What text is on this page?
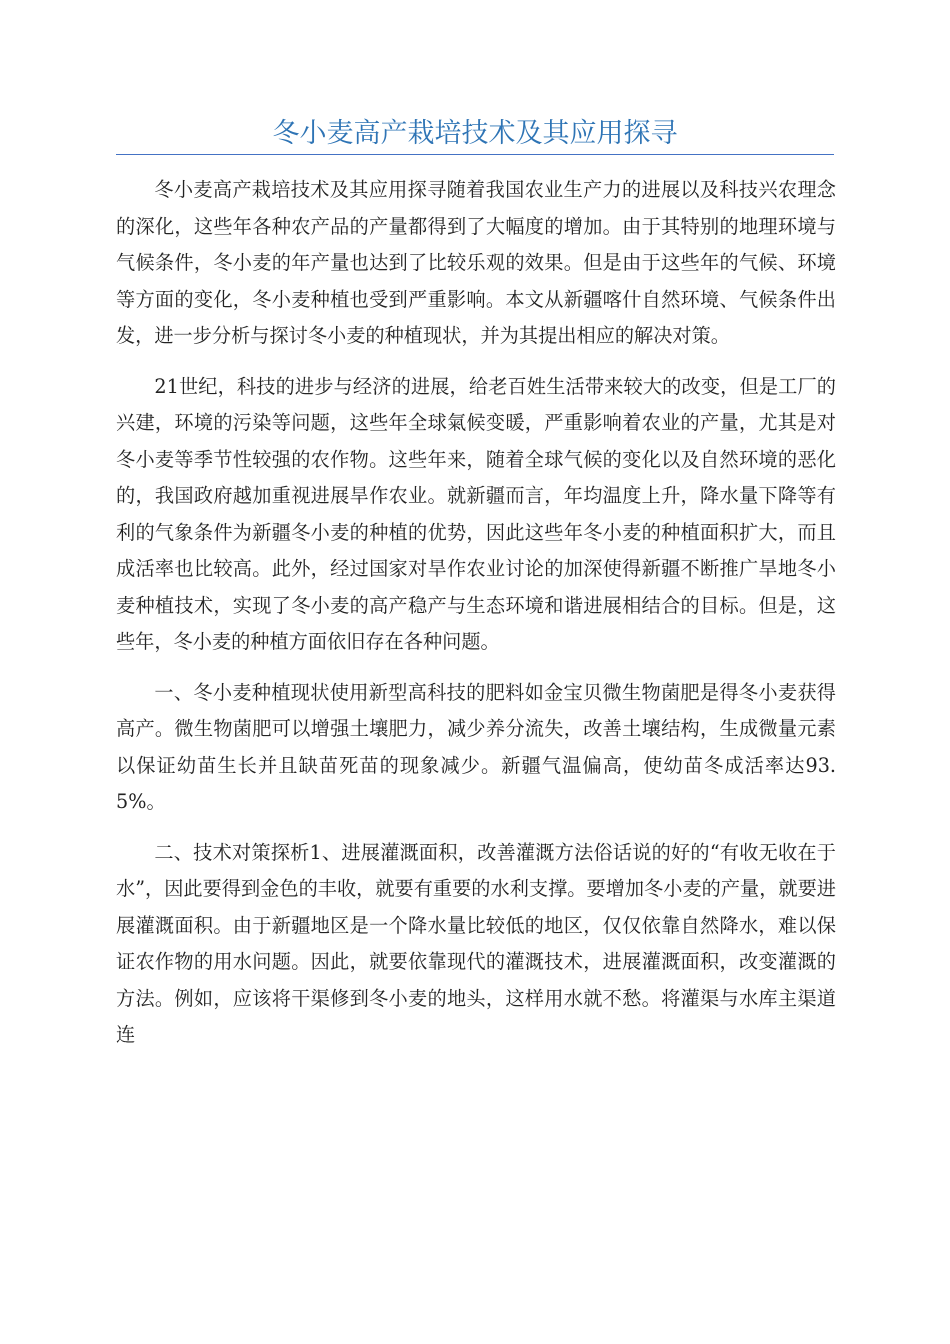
冬小麦高产栽培技术及其应用探寻

冬小麦高产栽培技术及其应用探寻随着我国农业生产力的进展以及科技兴农理念的深化，这些年各种农产品的产量都得到了大幅度的增加。由于其特别的地理环境与气候条件，冬小麦的年产量也达到了比较乐观的效果。但是由于这些年的气候、环境等方面的变化，冬小麦种植也受到严重影响。本文从新疆喀什自然环境、气候条件出发，进一步分析与探讨冬小麦的种植现状，并为其提出相应的解决对策。

21世纪，科技的进步与经济的进展，给老百姓生活带来较大的改变，但是工厂的兴建，环境的污染等问题，这些年全球氣候变暖，严重影响着农业的产量，尤其是对冬小麦等季节性较强的农作物。这些年来，随着全球气候的变化以及自然环境的恶化的，我国政府越加重视进展旱作农业。就新疆而言，年均温度上升，降水量下降等有利的气象条件为新疆冬小麦的种植的优势，因此这些年冬小麦的种植面积扩大，而且成活率也比较高。此外，经过国家对旱作农业讨论的加深使得新疆不断推广旱地冬小麦种植技术，实现了冬小麦的高产稳产与生态环境和谐进展相结合的目标。但是，这些年，冬小麦的种植方面依旧存在各种问题。

一、冬小麦种植现状使用新型高科技的肥料如金宝贝微生物菌肥是得冬小麦获得高产。微生物菌肥可以增强土壤肥力，减少养分流失，改善土壤结构，生成微量元素以保证幼苗生长并且缺苗死苗的现象减少。新疆气温偏高，使幼苗冬成活率达93.5%。

二、技术对策探析1、进展灌溉面积，改善灌溉方法俗话说的好的“有收无收在于水”，因此要得到金色的丰收，就要有重要的水利支撑。要增加冬小麦的产量，就要进展灌溉面积。由于新疆地区是一个降水量比较低的地区，仅仅依靠自然降水，难以保证农作物的用水问题。因此，就要依靠现代的灌溉技术，进展灌溉面积，改变灌溉的方法。例如，应该将干渠修到冬小麦的地头，这样用水就不愁。将灌渠与水库主渠道连
